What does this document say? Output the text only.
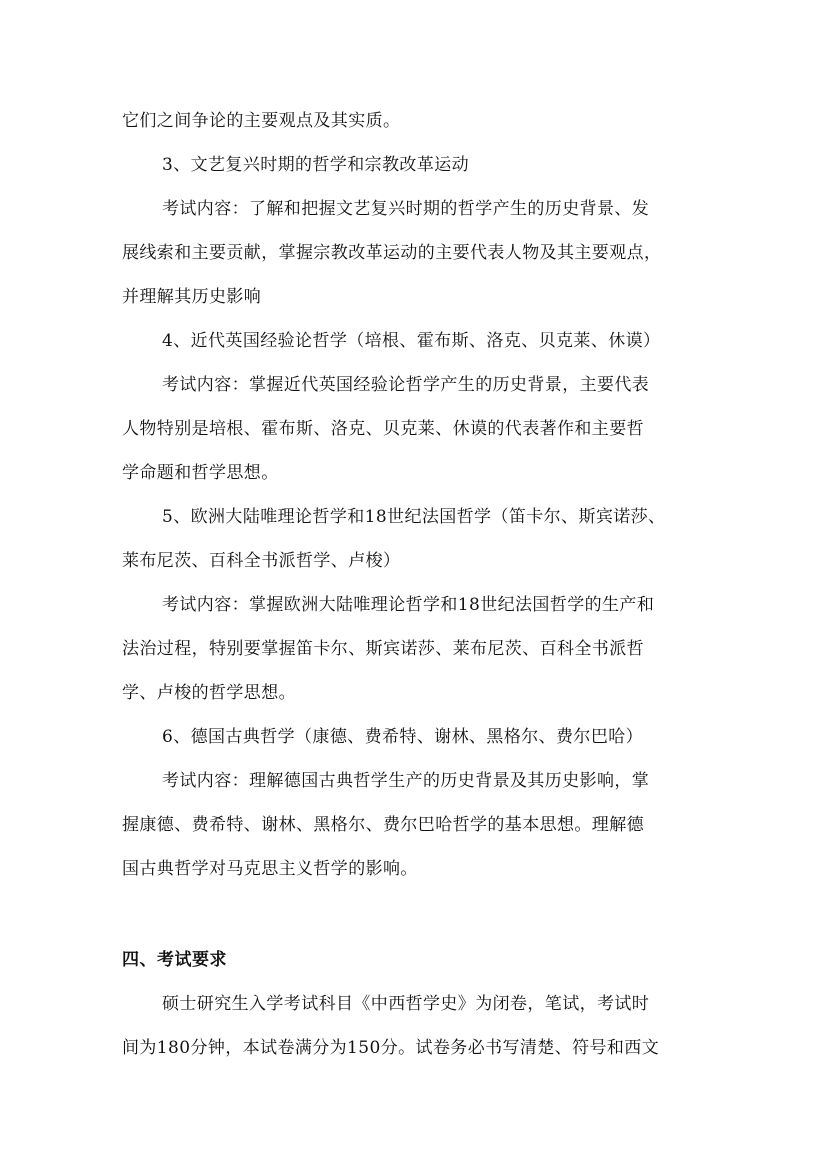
它们之间争论的主要观点及其实质。
3、文艺复兴时期的哲学和宗教改革运动
考试内容：了解和把握文艺复兴时期的哲学产生的历史背景、发
展线索和主要贡献，掌握宗教改革运动的主要代表人物及其主要观点，
并理解其历史影响
4、近代英国经验论哲学（培根、霍布斯、洛克、贝克莱、休谟）
考试内容：掌握近代英国经验论哲学产生的历史背景，主要代表
人物特别是培根、霍布斯、洛克、贝克莱、休谟的代表著作和主要哲
学命题和哲学思想。
5、欧洲大陆唯理论哲学和18世纪法国哲学（笛卡尔、斯宾诺莎、
莱布尼茨、百科全书派哲学、卢梭）
考试内容：掌握欧洲大陆唯理论哲学和18世纪法国哲学的生产和
法治过程，特别要掌握笛卡尔、斯宾诺莎、莱布尼茨、百科全书派哲
学、卢梭的哲学思想。
6、德国古典哲学（康德、费希特、谢林、黑格尔、费尔巴哈）
考试内容：理解德国古典哲学生产的历史背景及其历史影响，掌
握康德、费希特、谢林、黑格尔、费尔巴哈哲学的基本思想。理解德
国古典哲学对马克思主义哲学的影响。
四、考试要求
硕士研究生入学考试科目《中西哲学史》为闭卷，笔试，考试时
间为180分钟，本试卷满分为150分。试卷务必书写清楚、符号和西文
